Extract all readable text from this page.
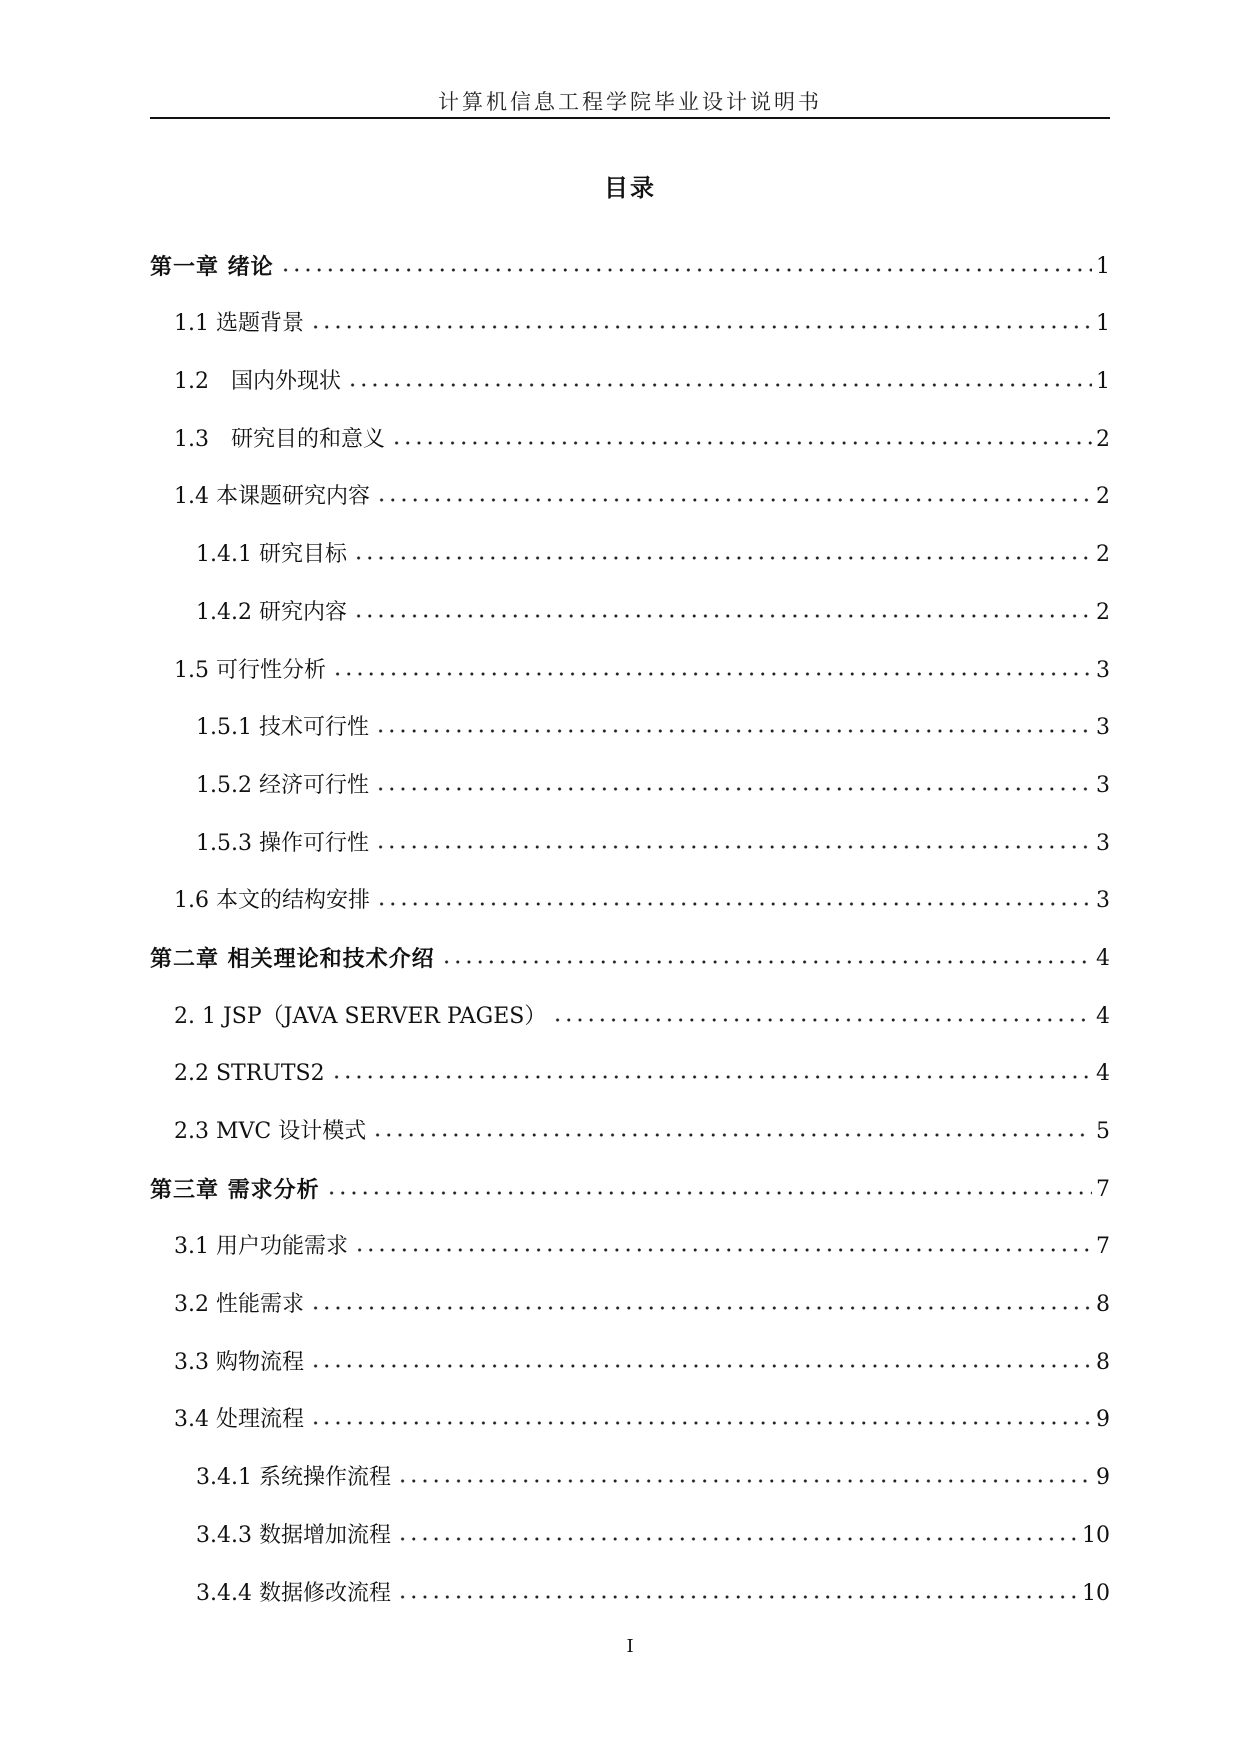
计算机信息工程学院毕业设计说明书
目录
第一章 绪论	1
1.1 选题背景	1
1.2　国内外现状	1
1.3　研究目的和意义	2
1.4 本课题研究内容	2
1.4.1 研究目标	2
1.4.2 研究内容	2
1.5 可行性分析	3
1.5.1 技术可行性	3
1.5.2 经济可行性	3
1.5.3 操作可行性	3
1.6 本文的结构安排	3
第二章 相关理论和技术介绍	4
2. 1 JSP（JAVA SERVER PAGES）	4
2.2 STRUTS2	4
2.3 MVC 设计模式	5
第三章 需求分析	7
3.1 用户功能需求	7
3.2 性能需求	8
3.3 购物流程	8
3.4 处理流程	9
3.4.1 系统操作流程	9
3.4.3 数据增加流程	10
3.4.4 数据修改流程	10
I
